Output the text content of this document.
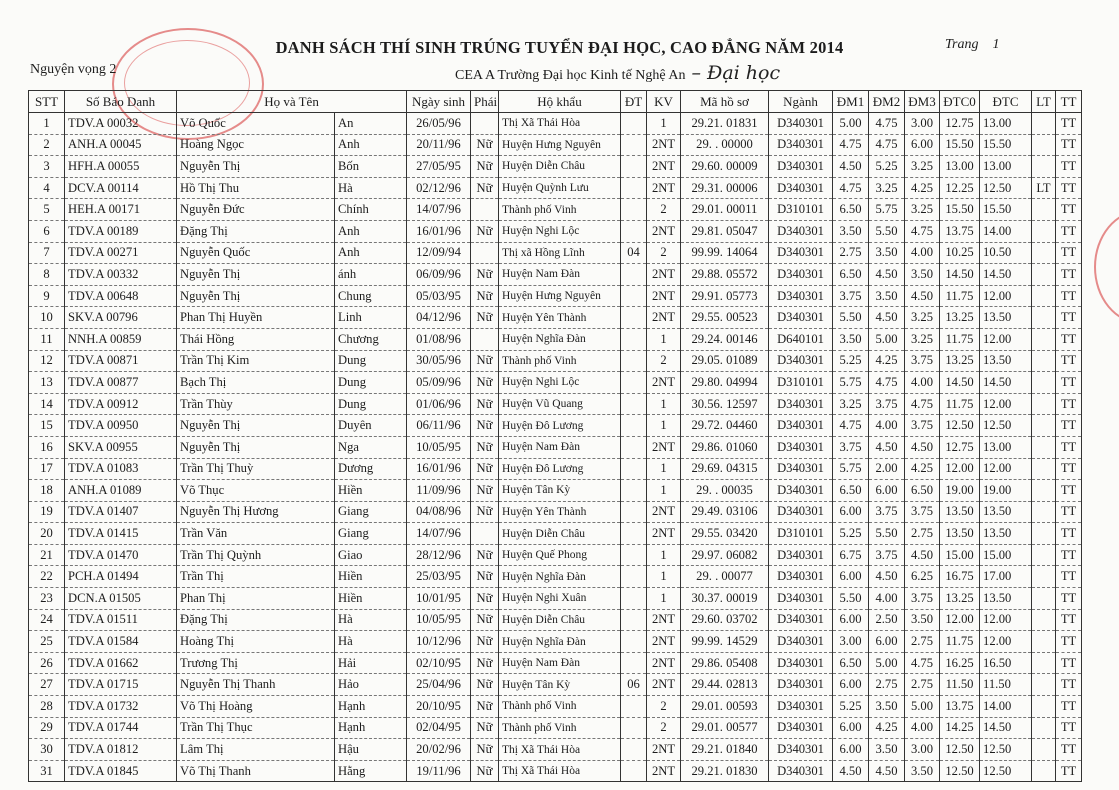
DANH SÁCH THÍ SINH TRÚNG TUYỂN ĐẠI HỌC, CAO ĐẲNG NĂM 2014	Trang 1
Nguyện vọng 2	CEA A Trường Đại học Kinh tế Nghệ An – Đại học
STT	Số Báo Danh	Họ và Tên		Ngày sinh	Phái	Hộ khẩu	ĐT	KV	Mã hồ sơ	Ngành	ĐM1	ĐM2	ĐM3	ĐTC0	ĐTC	LT	TT
1	TDV.A 00032	Võ Quốc	An	26/05/96		Thị Xã Thái Hòa		1	29.21. 01831	D340301	5.00	4.75	3.00	12.75	13.00		TT
2	ANH.A 00045	Hoàng Ngọc	Anh	20/11/96	Nữ	Huyện Hưng Nguyên		2NT	29. . 00000	D340301	4.75	4.75	6.00	15.50	15.50		TT
3	HFH.A 00055	Nguyễn Thị	Bốn	27/05/95	Nữ	Huyện Diễn Châu		2NT	29.60. 00009	D340301	4.50	5.25	3.25	13.00	13.00		TT
4	DCV.A 00114	Hồ Thị Thu	Hà	02/12/96	Nữ	Huyện Quỳnh Lưu		2NT	29.31. 00006	D340301	4.75	3.25	4.25	12.25	12.50	LT	TT
5	HEH.A 00171	Nguyễn Đức	Chính	14/07/96		Thành phố Vinh		2	29.01. 00011	D310101	6.50	5.75	3.25	15.50	15.50		TT
6	TDV.A 00189	Đặng Thị	Anh	16/01/96	Nữ	Huyện Nghi Lộc		2NT	29.81. 05047	D340301	3.50	5.50	4.75	13.75	14.00		TT
7	TDV.A 00271	Nguyễn Quốc	Anh	12/09/94		Thị xã Hồng Lĩnh	04	2	99.99. 14064	D340301	2.75	3.50	4.00	10.25	10.50		TT
8	TDV.A 00332	Nguyễn Thị	ánh	06/09/96	Nữ	Huyện Nam Đàn		2NT	29.88. 05572	D340301	6.50	4.50	3.50	14.50	14.50		TT
9	TDV.A 00648	Nguyễn Thị	Chung	05/03/95	Nữ	Huyện Hưng Nguyên		2NT	29.91. 05773	D340301	3.75	3.50	4.50	11.75	12.00		TT
10	SKV.A 00796	Phan Thị Huyền	Linh	04/12/96	Nữ	Huyện Yên Thành		2NT	29.55. 00523	D340301	5.50	4.50	3.25	13.25	13.50		TT
11	NNH.A 00859	Thái Hồng	Chương	01/08/96		Huyện Nghĩa Đàn		1	29.24. 00146	D640101	3.50	5.00	3.25	11.75	12.00		TT
12	TDV.A 00871	Trần Thị Kim	Dung	30/05/96	Nữ	Thành phố Vinh		2	29.05. 01089	D340301	5.25	4.25	3.75	13.25	13.50		TT
13	TDV.A 00877	Bạch Thị	Dung	05/09/96	Nữ	Huyện Nghi Lộc		2NT	29.80. 04994	D310101	5.75	4.75	4.00	14.50	14.50		TT
14	TDV.A 00912	Trần Thùy	Dung	01/06/96	Nữ	Huyện Vũ Quang		1	30.56. 12597	D340301	3.25	3.75	4.75	11.75	12.00		TT
15	TDV.A 00950	Nguyễn Thị	Duyên	06/11/96	Nữ	Huyện Đô Lương		1	29.72. 04460	D340301	4.75	4.00	3.75	12.50	12.50		TT
16	SKV.A 00955	Nguyễn Thị	Nga	10/05/95	Nữ	Huyện Nam Đàn		2NT	29.86. 01060	D340301	3.75	4.50	4.50	12.75	13.00		TT
17	TDV.A 01083	Trần Thị Thuỳ	Dương	16/01/96	Nữ	Huyện Đô Lương		1	29.69. 04315	D340301	5.75	2.00	4.25	12.00	12.00		TT
18	ANH.A 01089	Võ Thục	Hiền	11/09/96	Nữ	Huyện Tân Kỳ		1	29. . 00035	D340301	6.50	6.00	6.50	19.00	19.00		TT
19	TDV.A 01407	Nguyễn Thị Hương	Giang	04/08/96	Nữ	Huyện Yên Thành		2NT	29.49. 03106	D340301	6.00	3.75	3.75	13.50	13.50		TT
20	TDV.A 01415	Trần Văn	Giang	14/07/96		Huyện Diễn Châu		2NT	29.55. 03420	D310101	5.25	5.50	2.75	13.50	13.50		TT
21	TDV.A 01470	Trần Thị Quỳnh	Giao	28/12/96	Nữ	Huyện Quế Phong		1	29.97. 06082	D340301	6.75	3.75	4.50	15.00	15.00		TT
22	PCH.A 01494	Trần Thị	Hiền	25/03/95	Nữ	Huyện Nghĩa Đàn		1	29. . 00077	D340301	6.00	4.50	6.25	16.75	17.00		TT
23	DCN.A 01505	Phan Thị	Hiền	10/01/95	Nữ	Huyện Nghi Xuân		1	30.37. 00019	D340301	5.50	4.00	3.75	13.25	13.50		TT
24	TDV.A 01511	Đặng Thị	Hà	10/05/95	Nữ	Huyện Diễn Châu		2NT	29.60. 03702	D340301	6.00	2.50	3.50	12.00	12.00		TT
25	TDV.A 01584	Hoàng Thị	Hà	10/12/96	Nữ	Huyện Nghĩa Đàn		2NT	99.99. 14529	D340301	3.00	6.00	2.75	11.75	12.00		TT
26	TDV.A 01662	Trương Thị	Hải	02/10/95	Nữ	Huyện Nam Đàn		2NT	29.86. 05408	D340301	6.50	5.00	4.75	16.25	16.50		TT
27	TDV.A 01715	Nguyễn Thị Thanh	Hảo	25/04/96	Nữ	Huyện Tân Kỳ	06	2NT	29.44. 02813	D340301	6.00	2.75	2.75	11.50	11.50		TT
28	TDV.A 01732	Võ Thị Hoàng	Hạnh	20/10/95	Nữ	Thành phố Vinh		2	29.01. 00593	D340301	5.25	3.50	5.00	13.75	14.00		TT
29	TDV.A 01744	Trần Thị Thục	Hạnh	02/04/95	Nữ	Thành phố Vinh		2	29.01. 00577	D340301	6.00	4.25	4.00	14.25	14.50		TT
30	TDV.A 01812	Lâm Thị	Hậu	20/02/96	Nữ	Thị Xã Thái Hòa		2NT	29.21. 01840	D340301	6.00	3.50	3.00	12.50	12.50		TT
31	TDV.A 01845	Võ Thị Thanh	Hằng	19/11/96	Nữ	Thị Xã Thái Hòa		2NT	29.21. 01830	D340301	4.50	4.50	3.50	12.50	12.50		TT
